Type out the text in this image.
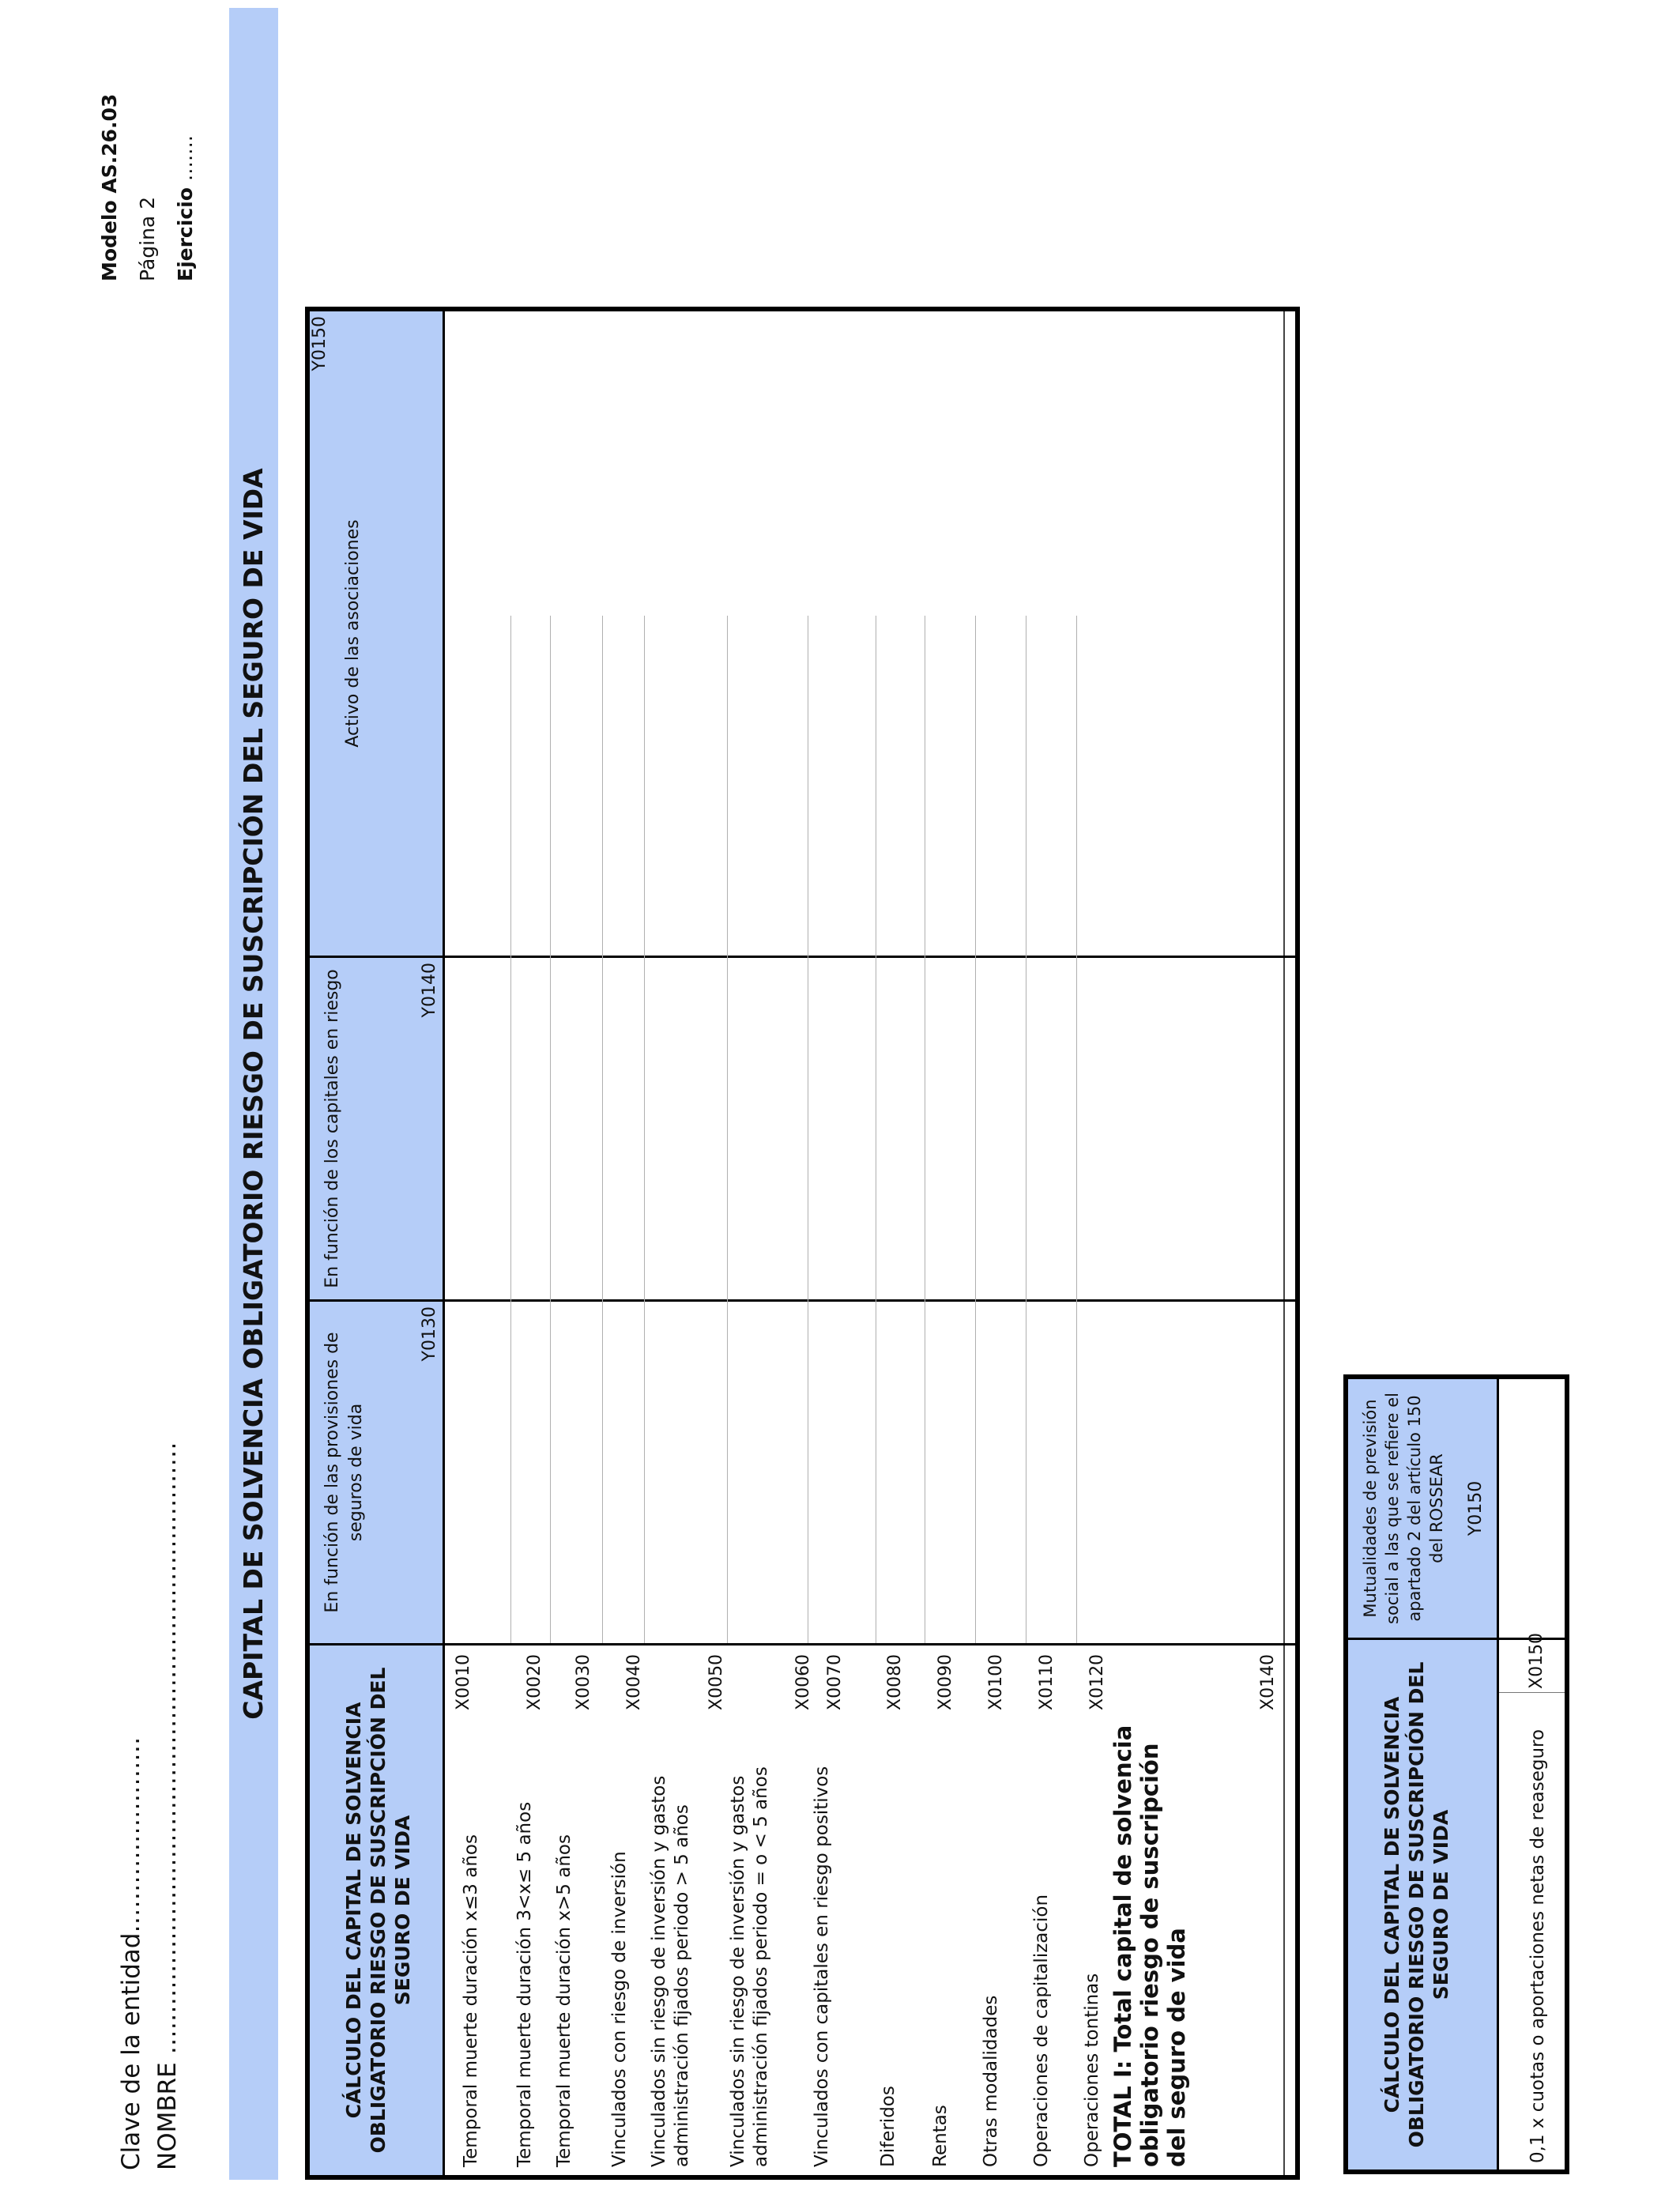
Clave de la entidad…………………… NOMBRE …………………………………………………………………
Modelo AS.26.03 Página 2 Ejercicio …….
CAPITAL DE SOLVENCIA OBLIGATORIO RIESGO DE SUSCRIPCIÓN DEL SEGURO DE VIDA
CÁLCULO DEL CAPITAL DE SOLVENCIA OBLIGATORIO RIESGO DE SUSCRIPCIÓN DEL SEGURO DE VIDA
En función de las provisiones de seguros de vida
Y0130
En función de los capitales en riesgo	Y0140
Activo de las asociaciones
Y0150
Temporal muerte duración x≤3 años
X0010
Temporal muerte duración 3<x≤ 5 años
X0020
Temporal muerte duración x>5 años
X0030
Vinculados con riesgo de inversión
X0040
Vinculados sin riesgo de inversión y gastos administración fijados periodo > 5 años
X0050
Vinculados sin riesgo de inversión y gastos administración fijados periodo = o < 5 años
X0060
Vinculados con capitales en riesgo positivos
X0070
Diferidos
X0080
Rentas
X0090
Otras modalidades
X0100
Operaciones de capitalización
X0110
Operaciones tontinas
X0120
TOTAL I: Total capital de solvencia obligatorio riesgo de suscripción del seguro de vida
X0140
CÁLCULO DEL CAPITAL DE SOLVENCIA OBLIGATORIO RIESGO DE SUSCRIPCIÓN DEL SEGURO DE VIDA
Mutualidades de previsión social a las que se refiere el apartado 2 del artículo 150 del ROSSEAR Y0150
0,1 x cuotas o aportaciones netas de reaseguro
X0150
